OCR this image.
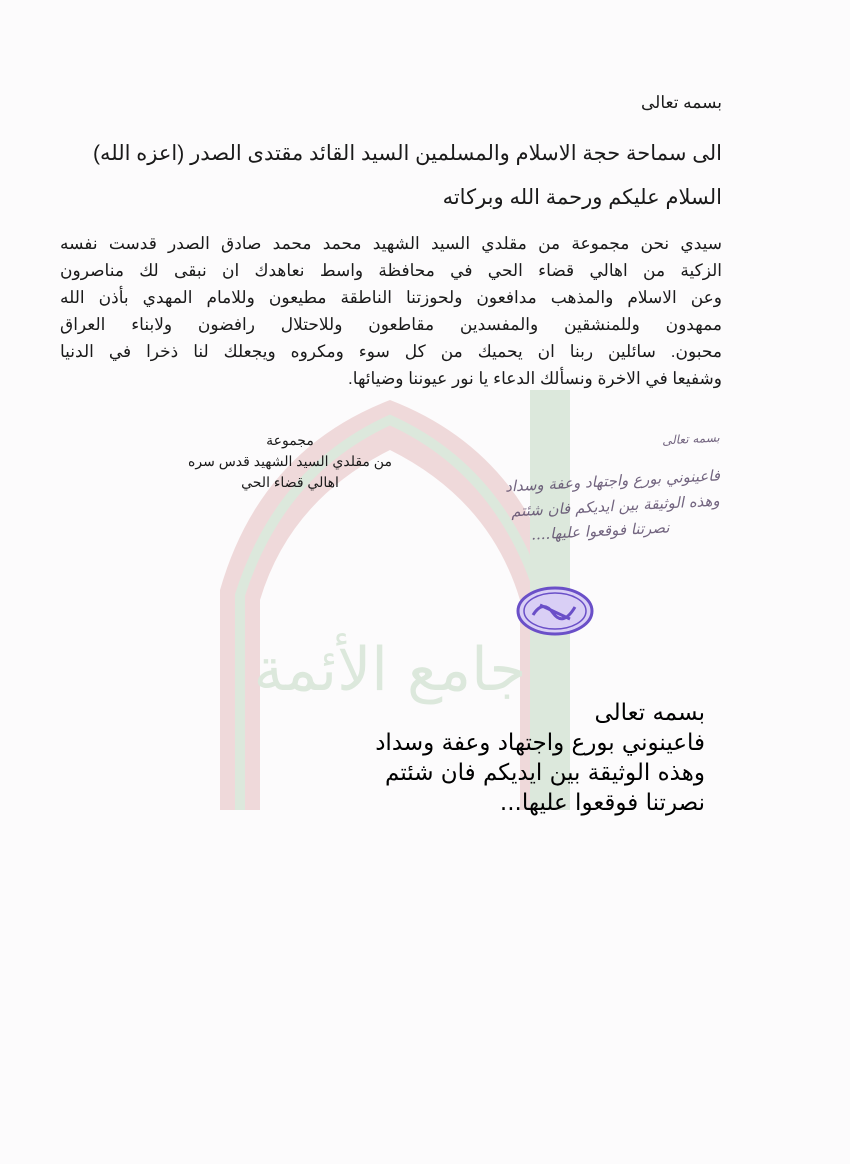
جامع الأئمة
بسمه تعالى
الى سماحة حجة الاسلام والمسلمين السيد القائد مقتدى الصدر (اعزه الله)
السلام عليكم ورحمة الله وبركاته
سيدي نحن مجموعة من مقلدي السيد الشهيد محمد محمد صادق الصدر قدست نفسه
الزكية من اهالي قضاء الحي في محافظة واسط نعاهدك ان نبقى لك مناصرون
وعن الاسلام والمذهب مدافعون ولحوزتنا الناطقة مطيعون وللامام المهدي بأذن الله
ممهدون وللمنشقين والمفسدين مقاطعون وللاحتلال رافضون ولابناء العراق
محبون. سائلين ربنا ان يحميك من كل سوء ومكروه ويجعلك لنا ذخرا في الدنيا
وشفيعا في الاخرة ونسألك الدعاء يا نور عيوننا وضيائها.
مجموعة
من مقلدي السيد الشهيد قدس سره
اهالي قضاء الحي
بسمه تعالى
فاعينوني بورع واجتهاد وعفة وسداد
وهذه الوثيقة بين ايديكم فان شئتم
نصرتنا فوقعوا عليها....
بسمه تعالى
فاعينوني بورع واجتهاد وعفة وسداد
وهذه الوثيقة بين ايديكم فان شئتم
نصرتنا فوقعوا عليها...
